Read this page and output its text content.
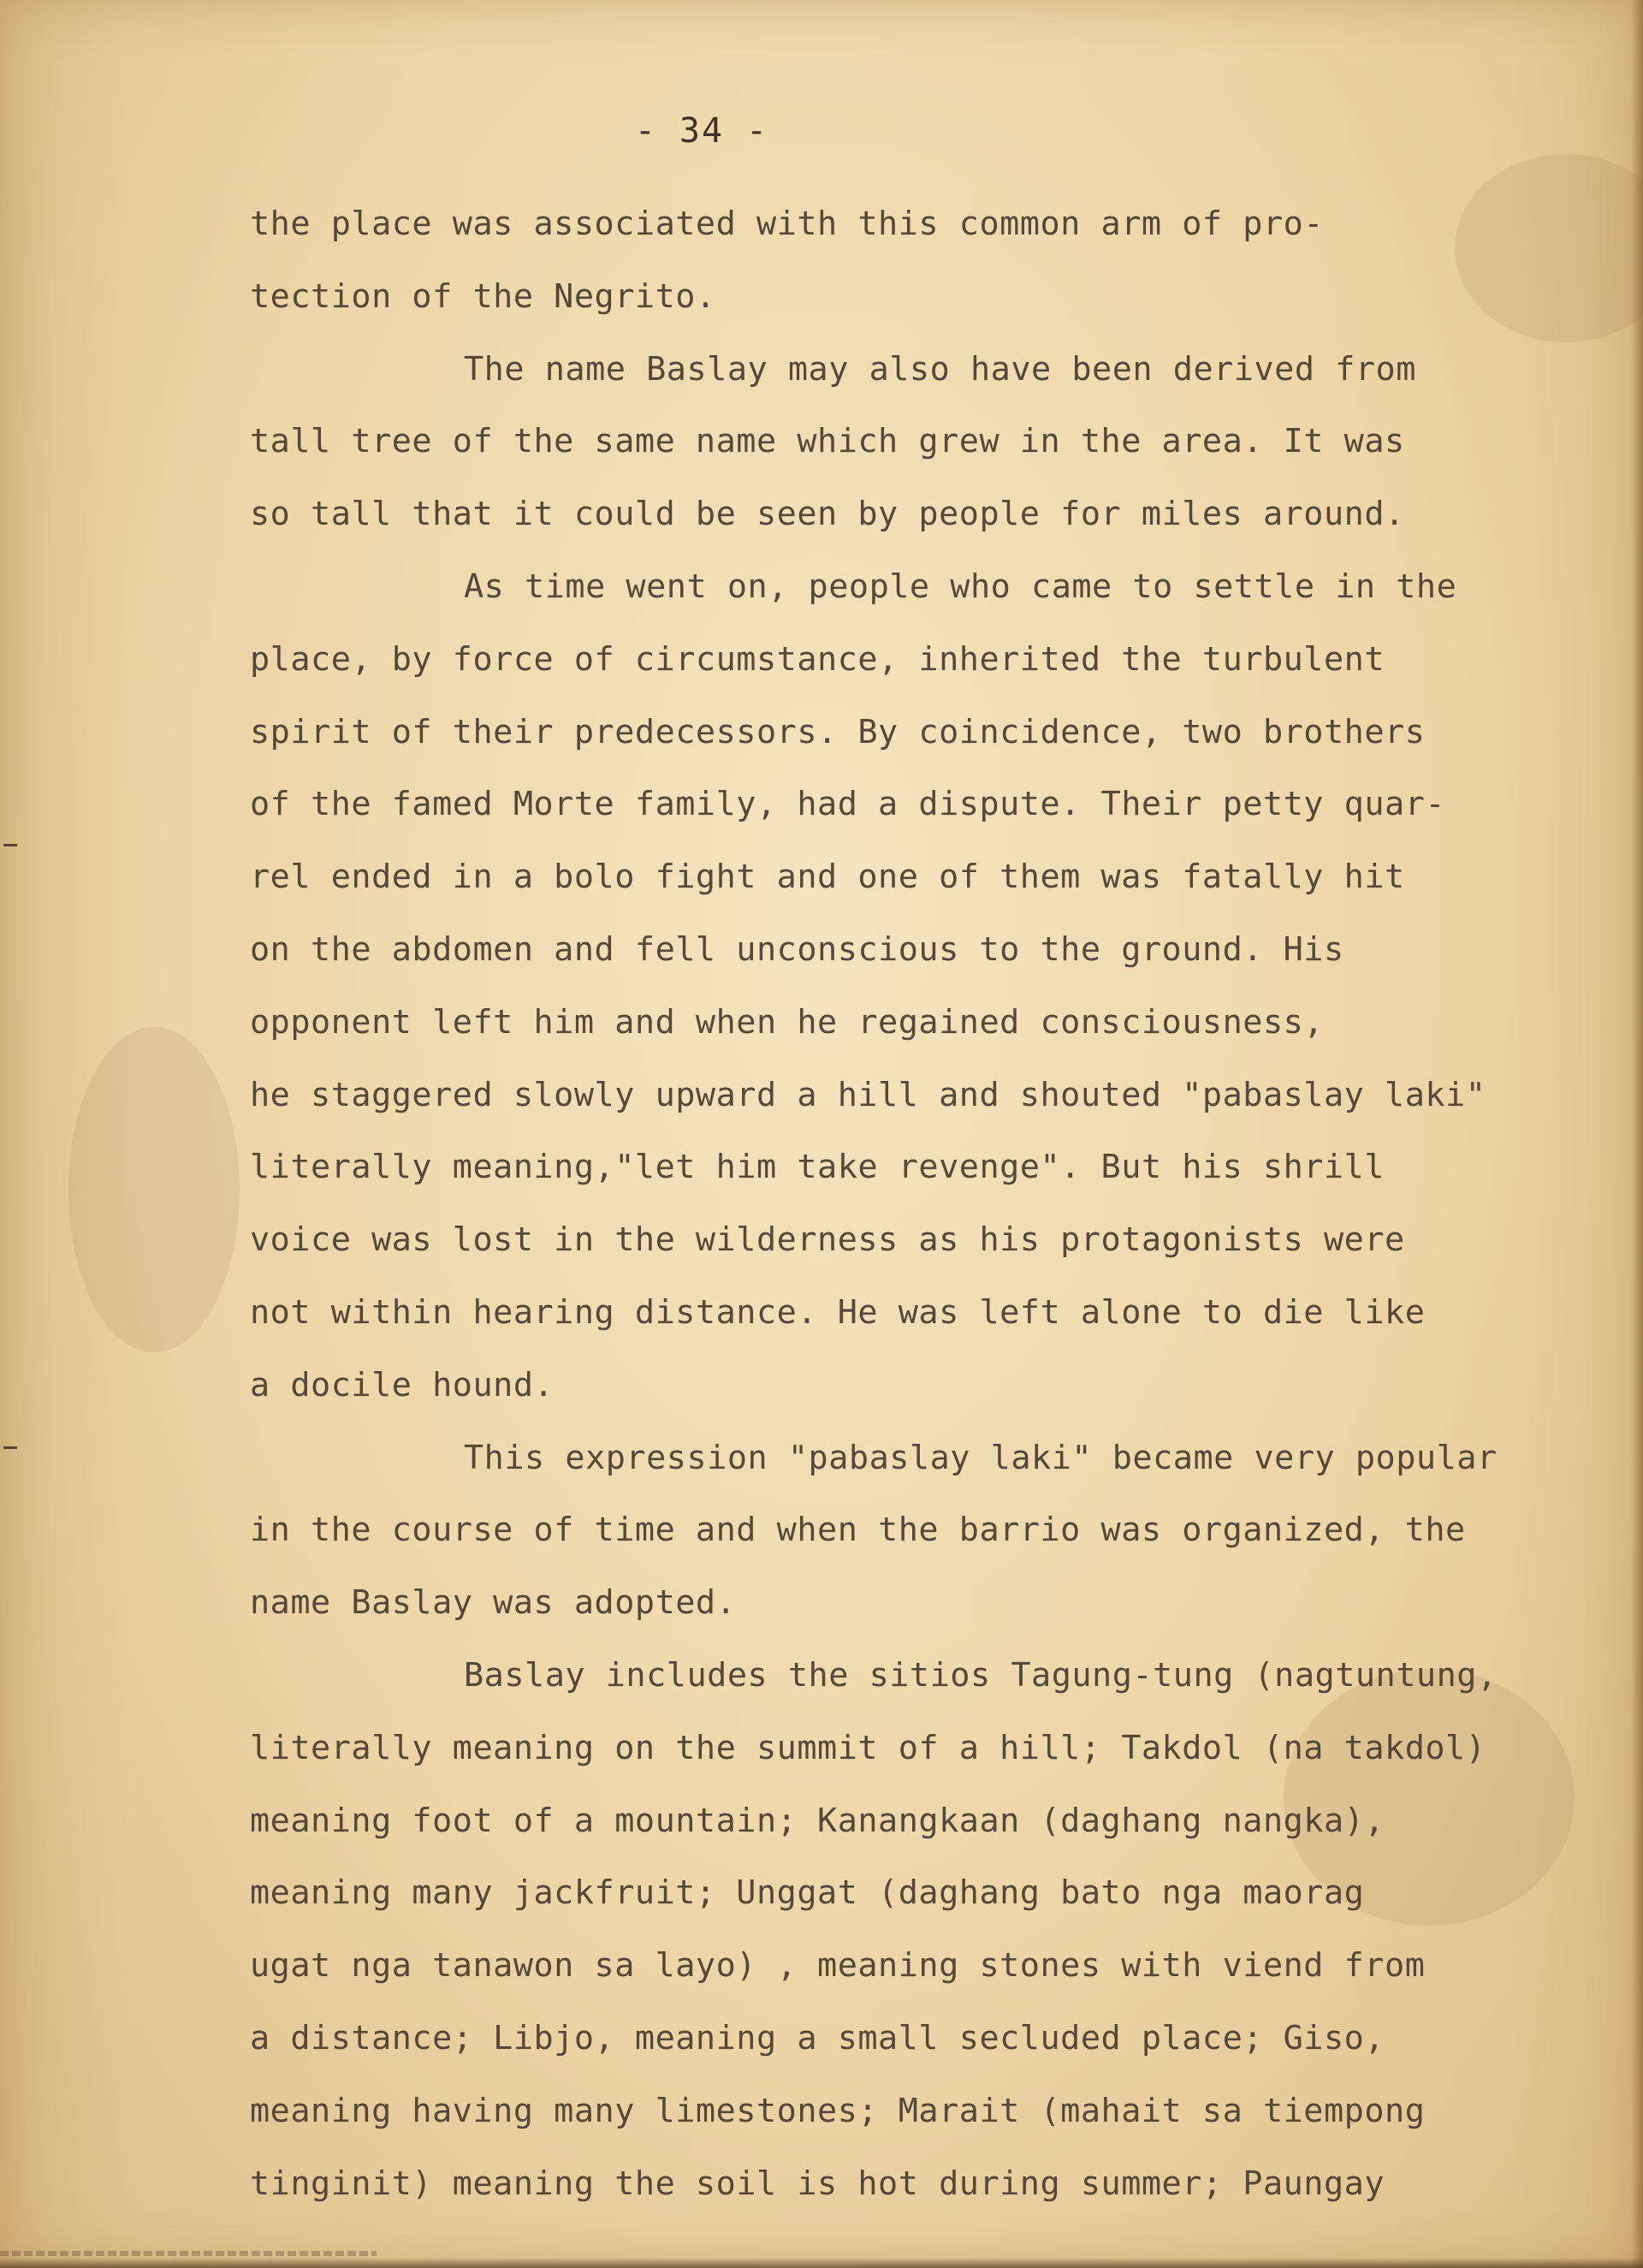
- 34 -
the place was associated with this common arm of pro-
tection of the Negrito.
The name Baslay may also have been derived from
tall tree of the same name which grew in the area. It was
so tall that it could be seen by people for miles around.
As time went on, people who came to settle in the
place, by force of circumstance, inherited the turbulent
spirit of their predecessors. By coincidence, two brothers
of the famed Morte family, had a dispute. Their petty quar-
rel ended in a bolo fight and one of them was fatally hit
on the abdomen and fell unconscious to the ground. His
opponent left him and when he regained consciousness,
he staggered slowly upward a hill and shouted "pabaslay laki"
literally meaning,"let him take revenge". But his shrill
voice was lost in the wilderness as his protagonists were
not within hearing distance. He was left alone to die like
a docile hound.
This expression "pabaslay laki" became very popular
in the course of time and when the barrio was organized, the
name Baslay was adopted.
Baslay includes the sitios Tagung-tung (nagtuntung,
literally meaning on the summit of a hill; Takdol (na takdol)
meaning foot of a mountain; Kanangkaan (daghang nangka),
meaning many jackfruit; Unggat (daghang bato nga maorag
ugat nga tanawon sa layo) , meaning stones with viend from
a distance; Libjo, meaning a small secluded place; Giso,
meaning having many limestones; Marait (mahait sa tiempong
tinginit) meaning the soil is hot during summer; Paungay
